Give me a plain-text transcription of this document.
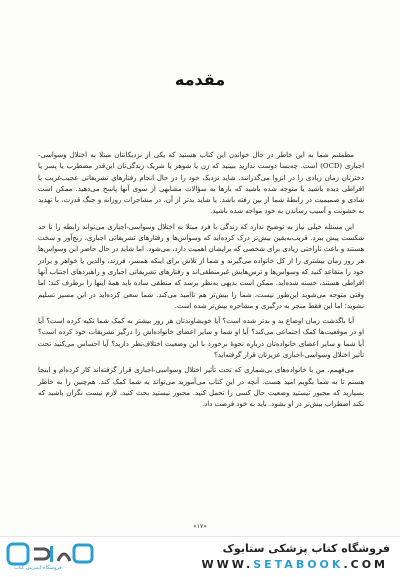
مقدمه

مطمئنم شما به این خاطر در حال خواندن این کتاب هستید که یکی از نزدیکانتان مبتلا به اختلال وسواسی-اجباری (OCD) است. چه‌بسا دوست نداريد ببينيد که زن يا شوهر يا شريک زندگی‌تان این‌قدر مضطرب یا پسر یا دخترتان زمان زیادی را در انزوا می‌گذرانند. شاید نزدیک خود را در حال انجام رفتارهای تشریفاتی عجیب‌غریب یا افراطی دیده باشید یا متوجه شده باشید که بارها به سؤالات مشابهی از سوی آنها پاسخ می‌دهید. ممکن است شادی و صمیمیت در رابطهٔ شما از بین رفته باشد. یا شاید بدتر از آن، در مشاجرات روزانه و جنگ قدرت، با تهدید به خشونت و آسیب رساندن به خود مواجه شده باشید.

این مسئله خیلی نیاز به توضیح ندارد که زندگی با فرد مبتلا به اختلال وسواسی-اجباری می‌تواند رابطه را تا حد شکست پیش ببرد. قریب‌به‌یقین بیش‌تر درک کرده‌اید که وسواس‌ها و رفتارهای تشریفاتی اجباری، رنج‌آور و سخت هستند و باعث ناراحتی زیادی برای شخصی که برایشان اهمیت دارد، می‌شود. اما شاید در حال حاضر این وسواس‌ها هر روز زمان بیشتری را از کل خانواده می‌گیرند و شما از تلاش برای اینکه همسر، فرزند، والدین یا خواهر و برادر خود را متقاعد کنید که وسواس‌ها و ترس‌هایش غیرمنطقی‌اند و رفتارهای تشریفاتی اجباری و راهبردهای اجتناب آنها افراطی هستند، خسته شده‌اید. ممکن است بدیهی به‌نظر برسد که منطقی ساده باید همهٔ اینها را برطرف کند؛ اما وقتی متوجه می‌شوید این‌طور نیست، شما را بیش‌تر هم ناامید می‌کند. شما سعی کرده‌اید در این مسیر تسلیم نشوید؛ اما این فقط منجر به درگیری و مشاجره بیش‌تر شده است.

آیا باگذشت زمان اوضاع بد و بدتر شده است؟ آیا خویشاوندتان هر روز بیشتر به کمک شما تکیه کرده است؟ آیا او در موقعیت‌ها کمک اجتماعی می‌کند؟ آیا او شما و سایر اعضای خانواده‌اش را درگیر تشریفات خود کرده است؟ آیا شما و سایر اعضای خانواده‌تان درباره نحوهٔ برخورد با این وضعیت اختلاف‌نظر دارید؟ آیا احساس می‌کنید تحت تأثیر اختلال وسواسی-اجباری عزیزتان قرار گرفته‌اید؟

می‌فهمم. من با خانواده‌های بی‌شماری که تحت تأثیر اختلال وسواسی-اجباری قرار گرفته‌اند کار کرده‌ام و اینجا هستم تا به شما بگویم امید هست. آنچه در این کتاب می‌آموزید می‌تواند به شما کمک کند. هم‌چنین را به خاطر بسپارید که مجبور نیستید وضعیت حال کسی را تحمل کنید. مجبور نیستید بحث کنید. لازم نیست نگران باشید که نکند اضطراب بیش‌تر در او بشود. باید به خود فرصت داد.

«۱۷»
فروشگاه اینترنتی کتاب
فروشگاه کتاب پزشکی ستابوک
WWW.SETABOOK.COM
